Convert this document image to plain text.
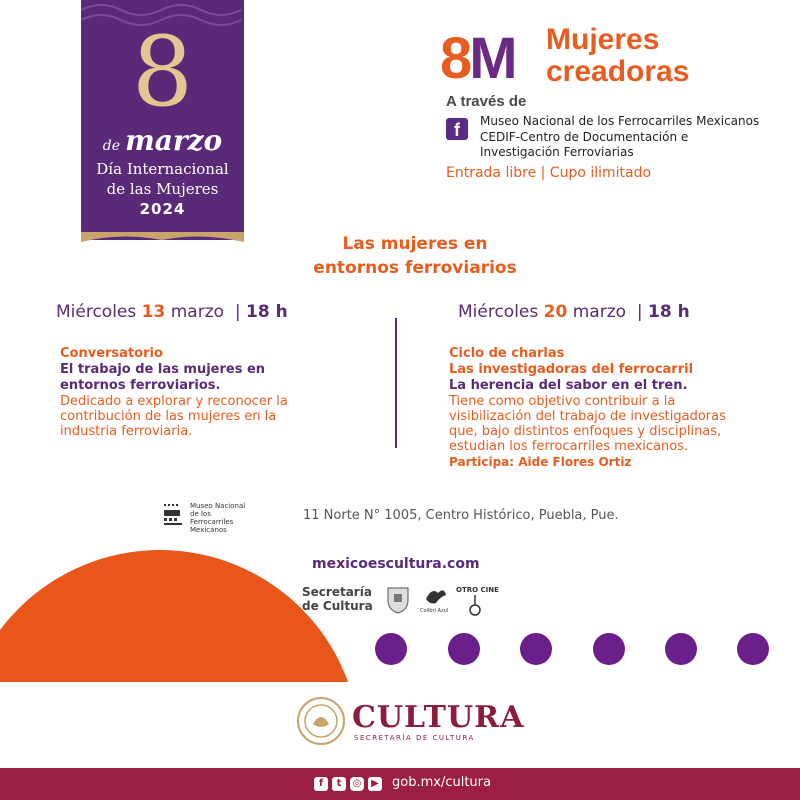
8
de marzo
Día Internacional
de las Mujeres
2024
8M Mujeres
creadoras
A través de
f	Museo Nacional de los Ferrocarriles Mexicanos
CEDIF-Centro de Documentación e
Investigación Ferroviarias
Entrada libre | Cupo ilimitado
Las mujeres en
entornos ferroviarios
Miércoles 13 marzo | 18 h
Conversatorio
El trabajo de las mujeres en
entornos ferroviarios.
Dedicado a explorar y reconocer la
contribución de las mujeres en la
industria ferroviaria.
Miércoles 20 marzo | 18 h
Ciclo de charlas
Las investigadoras del ferrocarril
La herencia del sabor en el tren.
Tiene como objetivo contribuir a la
visibilización del trabajo de investigadoras
que, bajo distintos enfoques y disciplinas,
estudian los ferrocarriles mexicanos.
Participa: Aide Flores Ortiz
Museo Nacional
de los
Ferrocarriles Mexicanos
11 Norte N° 1005, Centro Histórico, Puebla, Pue.
mexicoescultura.com
Secretaría
de Cultura	Colibrí Azul
OTRO CINE
CULTURA
SECRETARÍA DE CULTURA
f	t	◎ ▶ gob.mx/cultura
